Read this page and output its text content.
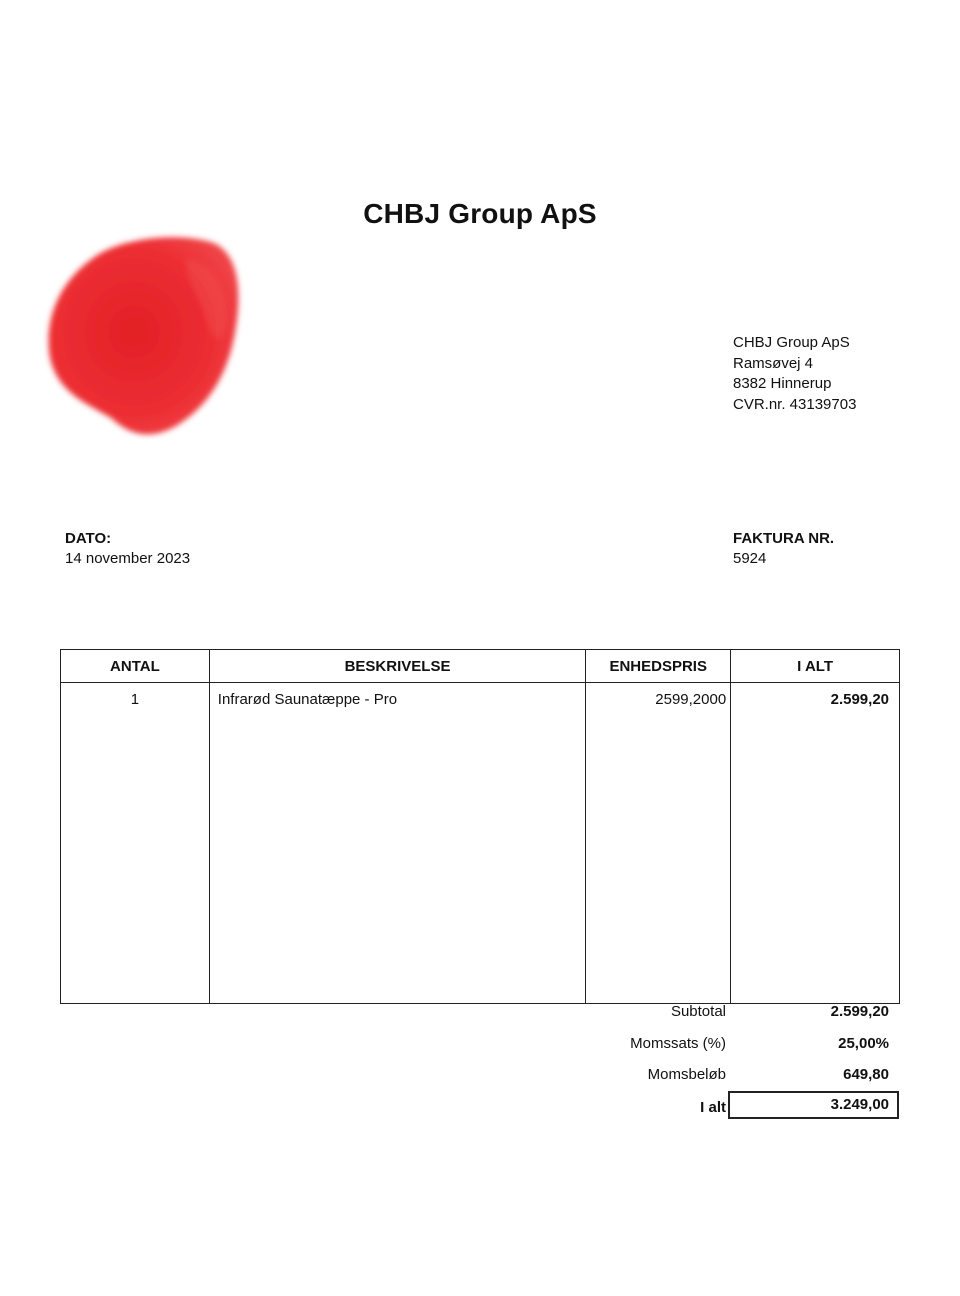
CHBJ Group ApS
CHBJ Group ApS
Ramsøvej 4
8382 Hinnerup
CVR.nr. 43139703
DATO:
14 november 2023
FAKTURA NR.
5924
ANTAL	BESKRIVELSE	ENHEDSPRIS	I ALT

1	Infrarød Saunatæppe - Pro	2599,2000	2.599,20
Subtotal	2.599,20
Momssats (%)	25,00%
Momsbeløb	649,80
I alt	3.249,00
